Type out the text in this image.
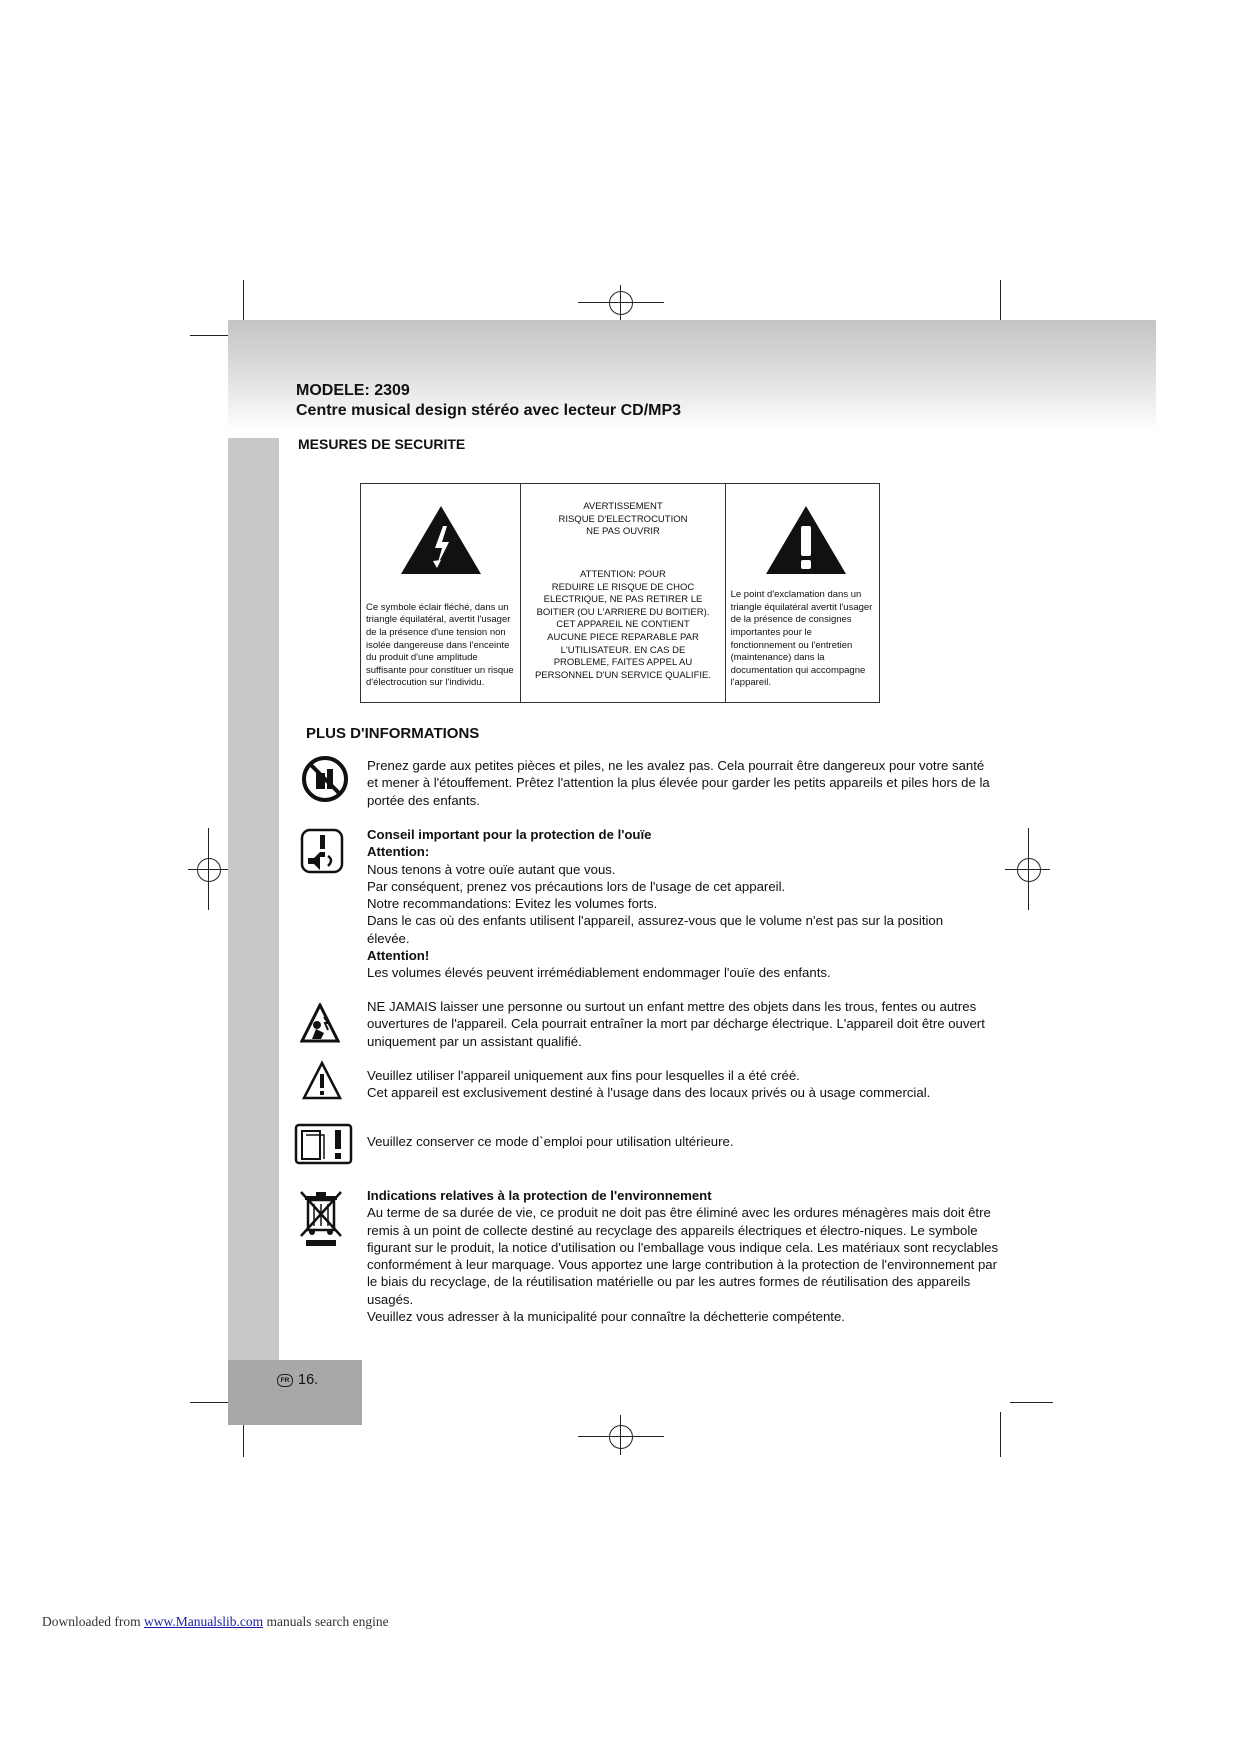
MODELE: 2309
Centre musical design stéréo avec lecteur CD/MP3
MESURES DE SECURITE
Ce symbole éclair fléché, dans un triangle équilatéral, avertit l'usager de la présence d'une tension non isolée dangereuse dans l'enceinte du produit d'une amplitude suffisante pour constituer un risque d'électrocution sur l'individu.
AVERTISSEMENT
RISQUE D'ELECTROCUTION
NE PAS OUVRIR
ATTENTION: POUR
REDUIRE LE RISQUE DE CHOC
ELECTRIQUE, NE PAS RETIRER LE
BOITIER (OU L'ARRIERE DU BOITIER).
CET APPAREIL NE CONTIENT
AUCUNE PIECE REPARABLE PAR
L'UTILISATEUR. EN CAS DE
PROBLEME, FAITES APPEL AU
PERSONNEL D'UN SERVICE QUALIFIE.
Le point d'exclamation dans un triangle équilatéral avertit l'usager de la présence de consignes importantes pour le fonctionnement ou l'entretien (maintenance) dans la documentation qui accompagne l'appareil.
PLUS D'INFORMATIONS
Prenez garde aux petites pièces et piles, ne les avalez pas. Cela pourrait être dangereux pour votre santé et mener à l'étouffement. Prêtez l'attention la plus élevée pour garder les petits appareils et piles hors de la portée des enfants.
Conseil important pour la protection de l'ouïe
Attention:
Nous tenons à votre ouïe autant que vous.
Par conséquent, prenez vos précautions lors de l'usage de cet appareil.
Notre recommandations: Evitez les volumes forts.
Dans le cas où des enfants utilisent l'appareil, assurez-vous que le volume n'est pas sur la position élevée.
Attention!
Les volumes élevés peuvent irrémédiablement endommager l'ouïe des enfants.
NE JAMAIS laisser une personne ou surtout un enfant mettre des objets dans les trous, fentes ou autres ouvertures de l'appareil. Cela pourrait entraîner la mort par décharge électrique. L'appareil doit être ouvert uniquement par un assistant qualifié.
Veuillez utiliser l'appareil uniquement aux fins pour lesquelles il a été créé.
Cet appareil est exclusivement destiné à l'usage dans des locaux privés ou à usage commercial.
Veuillez conserver ce mode d`emploi pour utilisation ultérieure.
Indications relatives à la protection de l'environnement
Au terme de sa durée de vie, ce produit ne doit pas être éliminé avec les ordures ménagères mais doit être remis à un point de collecte destiné au recyclage des appareils électriques et électro-niques. Le symbole figurant sur le produit, la notice d'utilisation ou l'emballage vous indique cela. Les matériaux sont recyclables conformément à leur marquage. Vous apportez une large contribution à la protection de l'environnement par le biais du recyclage, de la réutilisation matérielle ou par les autres formes de réutilisation des appareils usagés.
Veuillez vous adresser à la municipalité pour connaître la déchetterie compétente.
FR 16.
Downloaded from www.Manualslib.com manuals search engine
